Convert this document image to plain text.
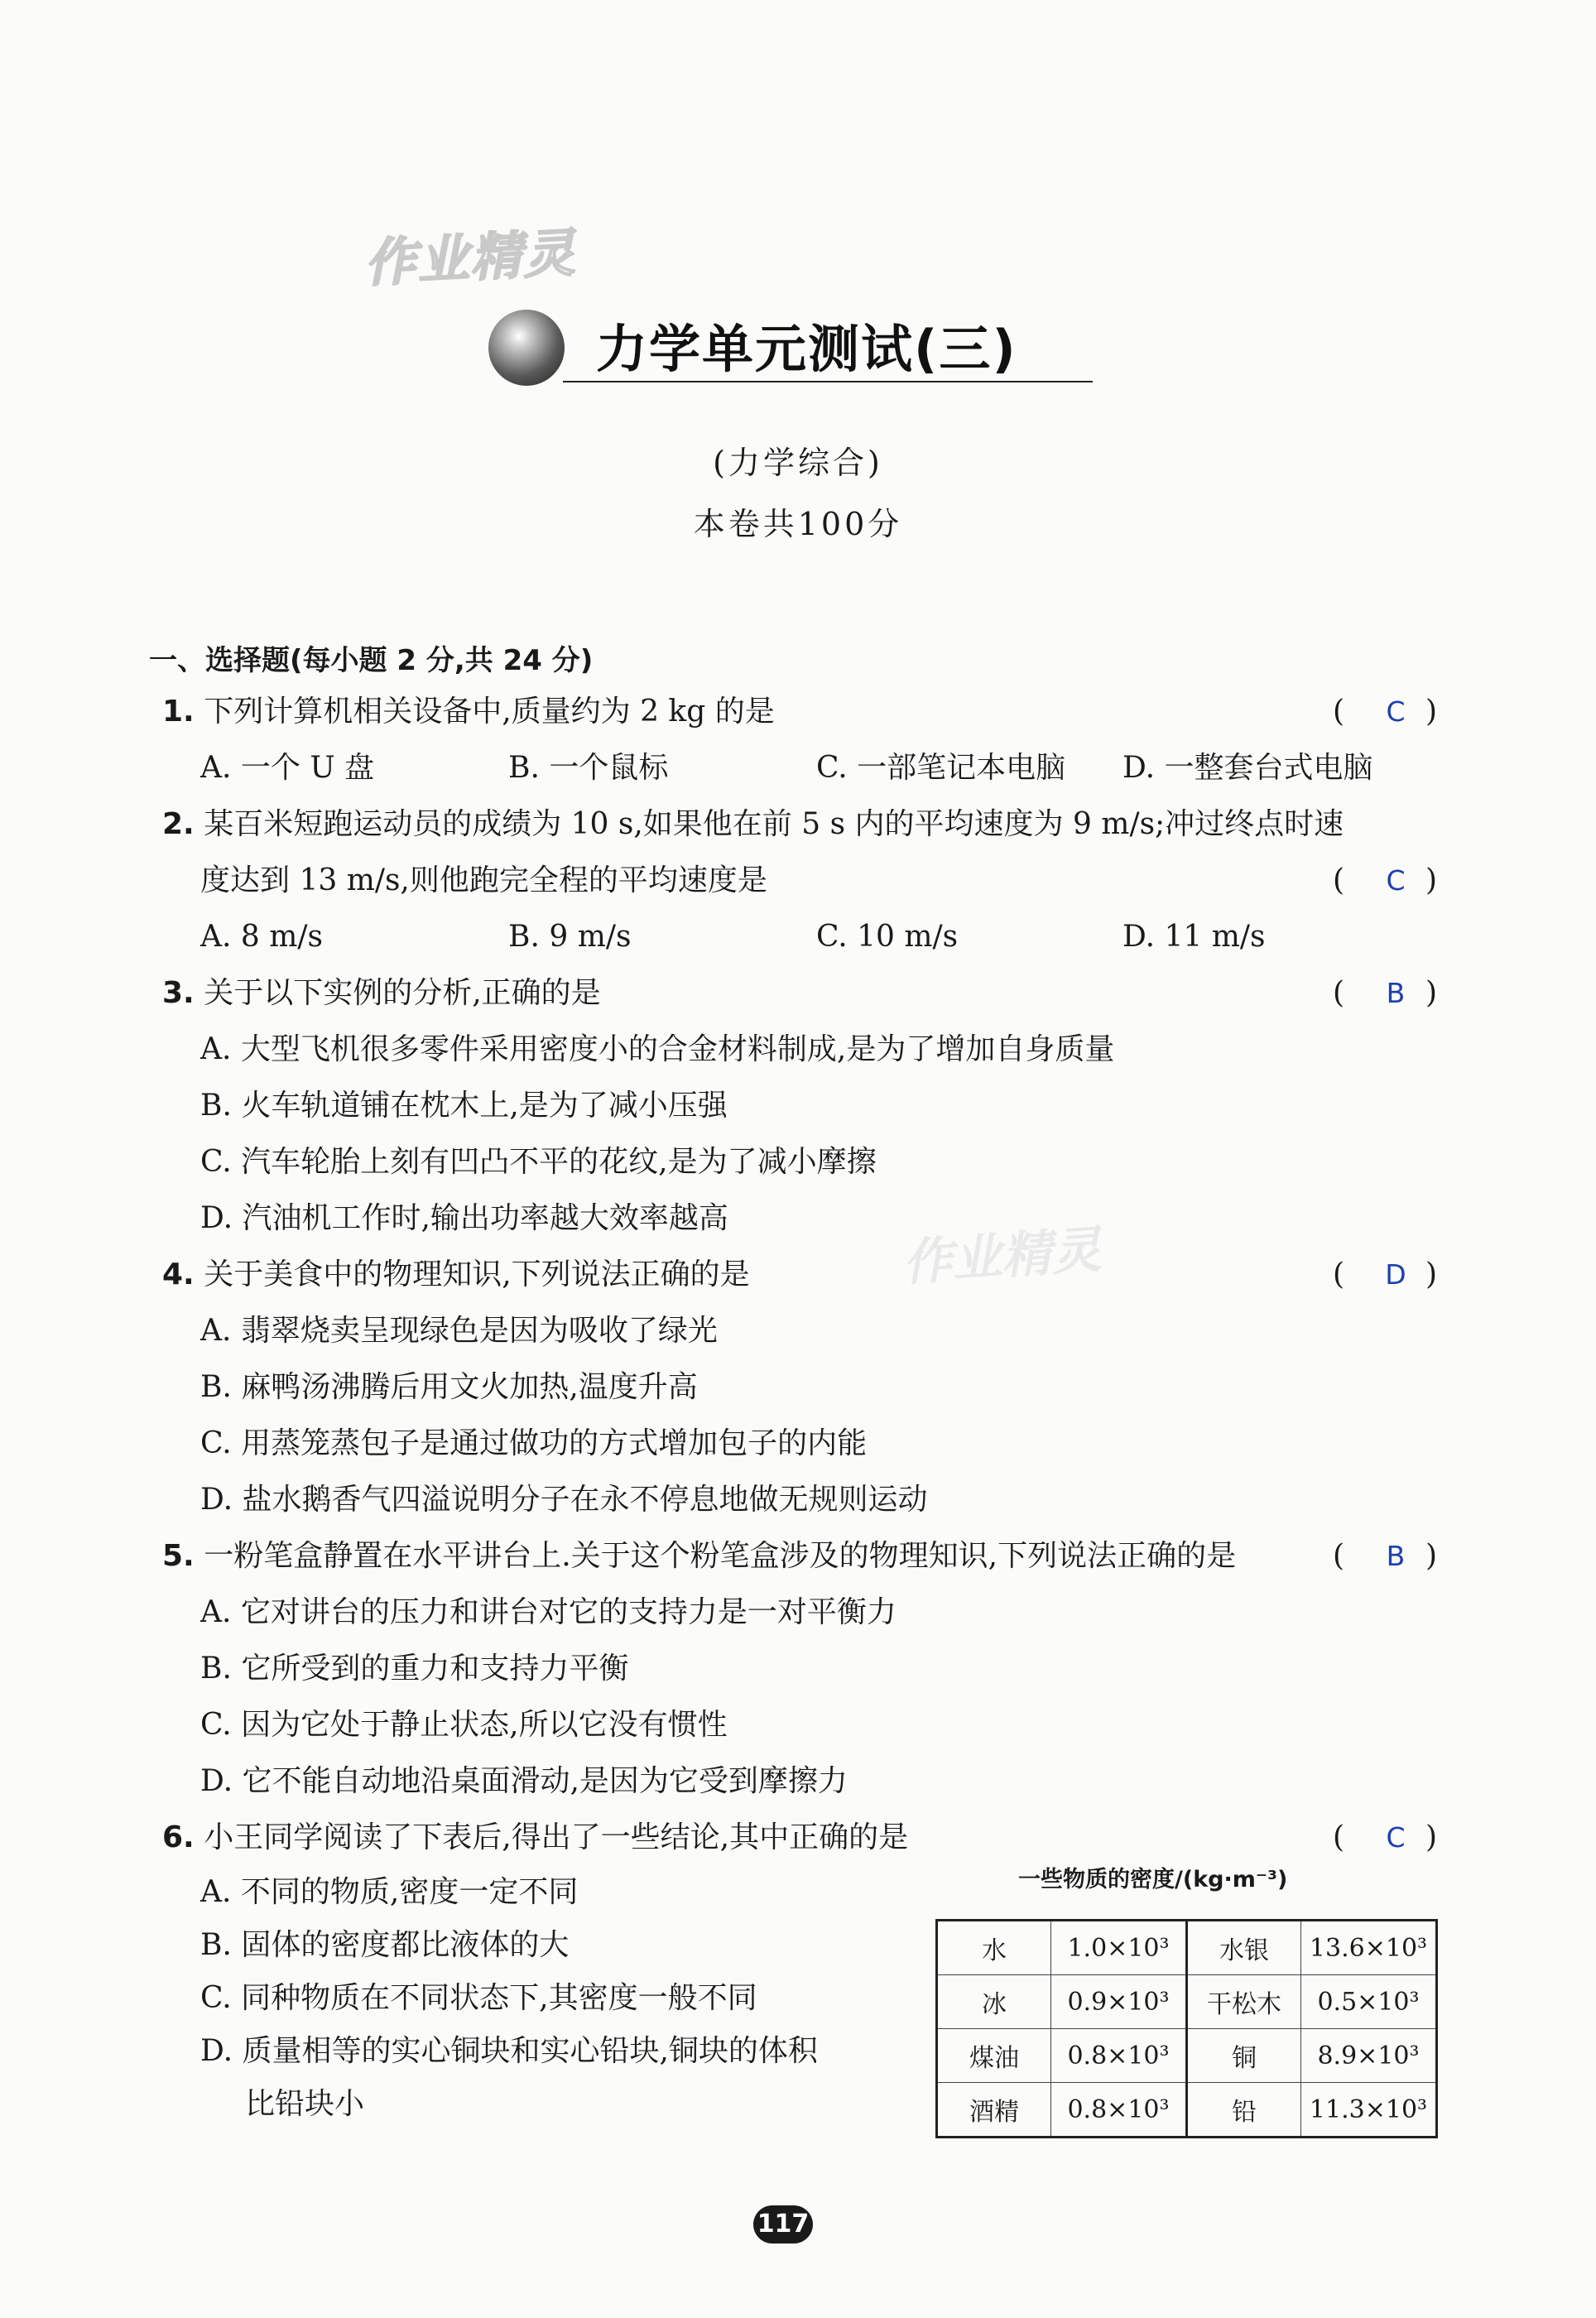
作业精灵
作业精灵
力学单元测试(三)
(力学综合)
本卷共100分
一、选择题(每小题 2 分,共 24 分)
1. 下列计算机相关设备中,质量约为 2 kg 的是	( C )
A. 一个 U 盘	B. 一个鼠标	C. 一部笔记本电脑 D. 一整套台式电脑
2. 某百米短跑运动员的成绩为 10 s,如果他在前 5 s 内的平均速度为 9 m/s;冲过终点时速
度达到 13 m/s,则他跑完全程的平均速度是	( C )
A. 8 m/s	B. 9 m/s	C. 10 m/s	D. 11 m/s
3. 关于以下实例的分析,正确的是	( B )
A. 大型飞机很多零件采用密度小的合金材料制成,是为了增加自身质量
B. 火车轨道铺在枕木上,是为了减小压强
C. 汽车轮胎上刻有凹凸不平的花纹,是为了减小摩擦
D. 汽油机工作时,输出功率越大效率越高
4. 关于美食中的物理知识,下列说法正确的是	( D )
A. 翡翠烧卖呈现绿色是因为吸收了绿光
B. 麻鸭汤沸腾后用文火加热,温度升高
C. 用蒸笼蒸包子是通过做功的方式增加包子的内能
D. 盐水鹅香气四溢说明分子在永不停息地做无规则运动
5. 一粉笔盒静置在水平讲台上.关于这个粉笔盒涉及的物理知识,下列说法正确的是	( B )
A. 它对讲台的压力和讲台对它的支持力是一对平衡力
B. 它所受到的重力和支持力平衡
C. 因为它处于静止状态,所以它没有惯性
D. 它不能自动地沿桌面滑动,是因为它受到摩擦力
6. 小王同学阅读了下表后,得出了一些结论,其中正确的是	( C )
A. 不同的物质,密度一定不同
B. 固体的密度都比液体的大
C. 同种物质在不同状态下,其密度一般不同
D. 质量相等的实心铜块和实心铅块,铜块的体积
比铅块小
一些物质的密度/(kg·m⁻³)
水	1.0×10³	水银	13.6×10³
冰	0.9×10³	干松木	0.5×10³
煤油	0.8×10³	铜	8.9×10³
酒精	0.8×10³	铅	11.3×10³
117
